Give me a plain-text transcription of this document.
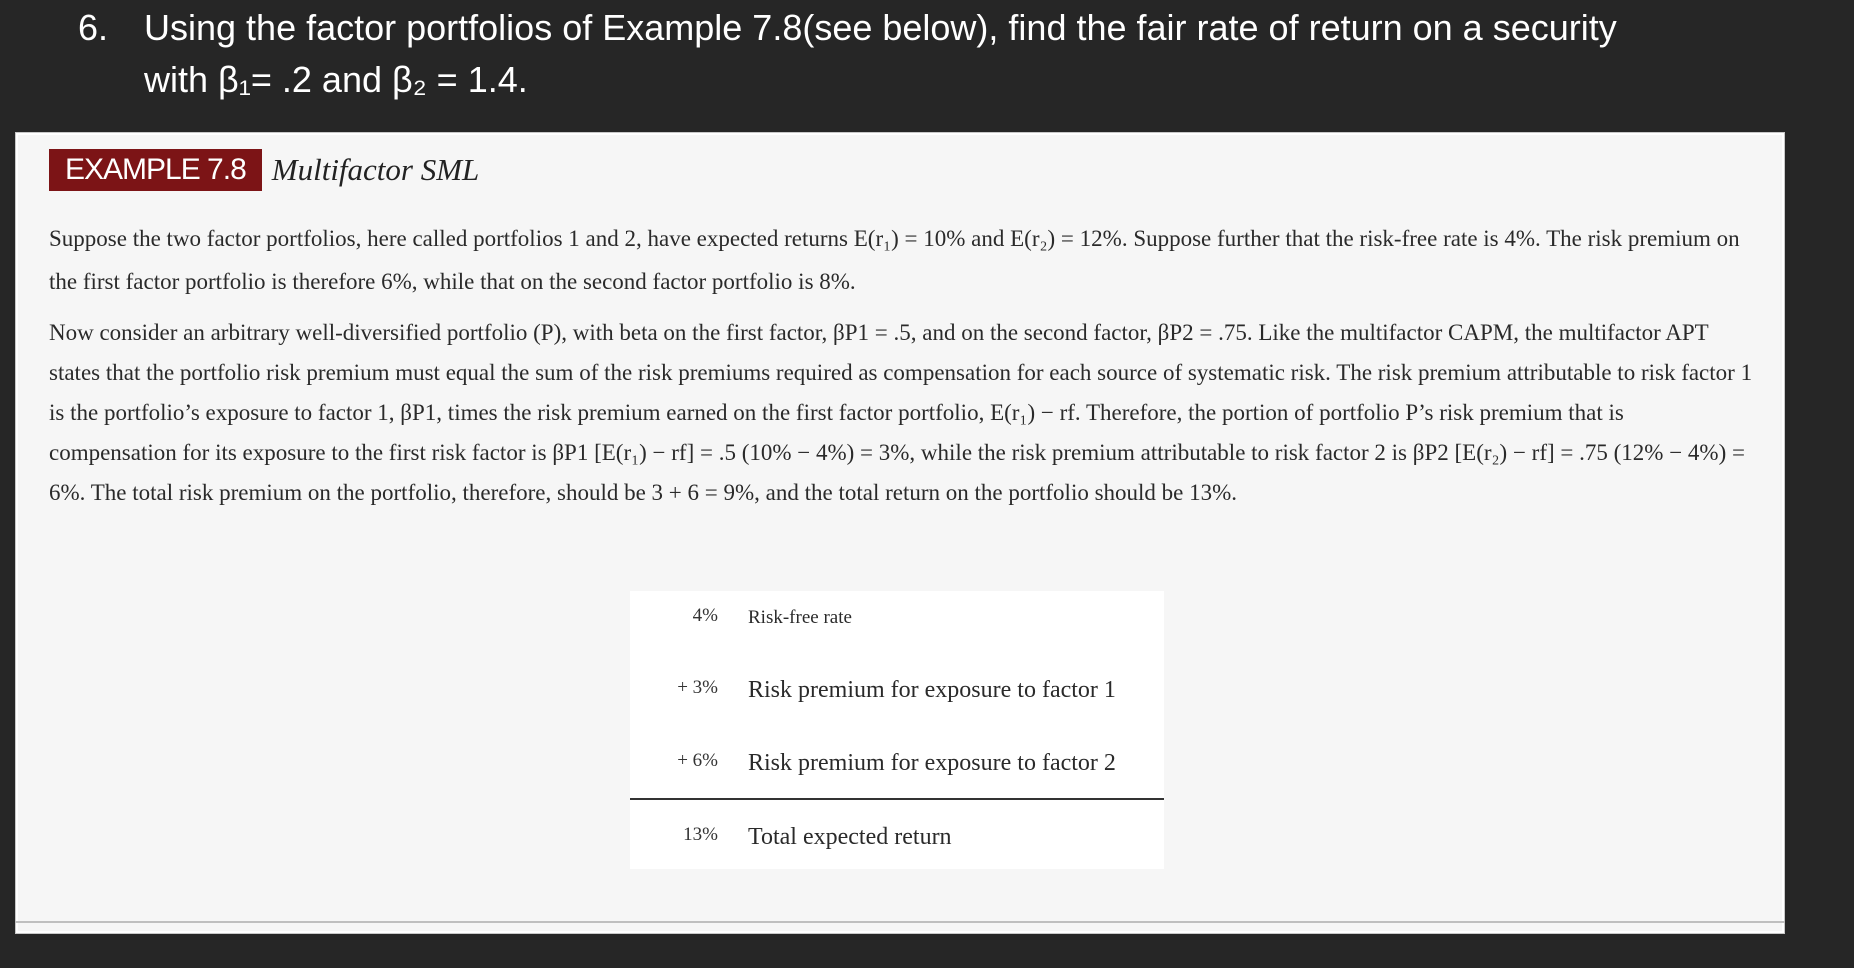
6. Using the factor portfolios of Example 7.8(see below), find the fair rate of return on a security
with β₁= .2 and β₂ = 1.4.
EXAMPLE 7.8 Multifactor SML
Suppose the two factor portfolios, here called portfolios 1 and 2, have expected returns E(r₁) = 10% and E(r₂) = 12%. Suppose further that the risk-free rate is 4%. The risk premium on the first factor portfolio is therefore 6%, while that on the second factor portfolio is 8%.
Now consider an arbitrary well-diversified portfolio (P), with beta on the first factor, βP1 = .5, and on the second factor, βP2 = .75. Like the multifactor CAPM, the multifactor APT states that the portfolio risk premium must equal the sum of the risk premiums required as compensation for each source of systematic risk. The risk premium attributable to risk factor 1 is the portfolio’s exposure to factor 1, βP1, times the risk premium earned on the first factor portfolio, E(r₁) − rf. Therefore, the portion of portfolio P’s risk premium that is compensation for its exposure to the first risk factor is βP1 [E(r₁) − rf] = .5 (10% − 4%) = 3%, while the risk premium attributable to risk factor 2 is βP2 [E(r₂) − rf] = .75 (12% − 4%) = 6%. The total risk premium on the portfolio, therefore, should be 3 + 6 = 9%, and the total return on the portfolio should be 13%.
4% Risk-free rate
+ 3% Risk premium for exposure to factor 1
+ 6% Risk premium for exposure to factor 2
13% Total expected return
